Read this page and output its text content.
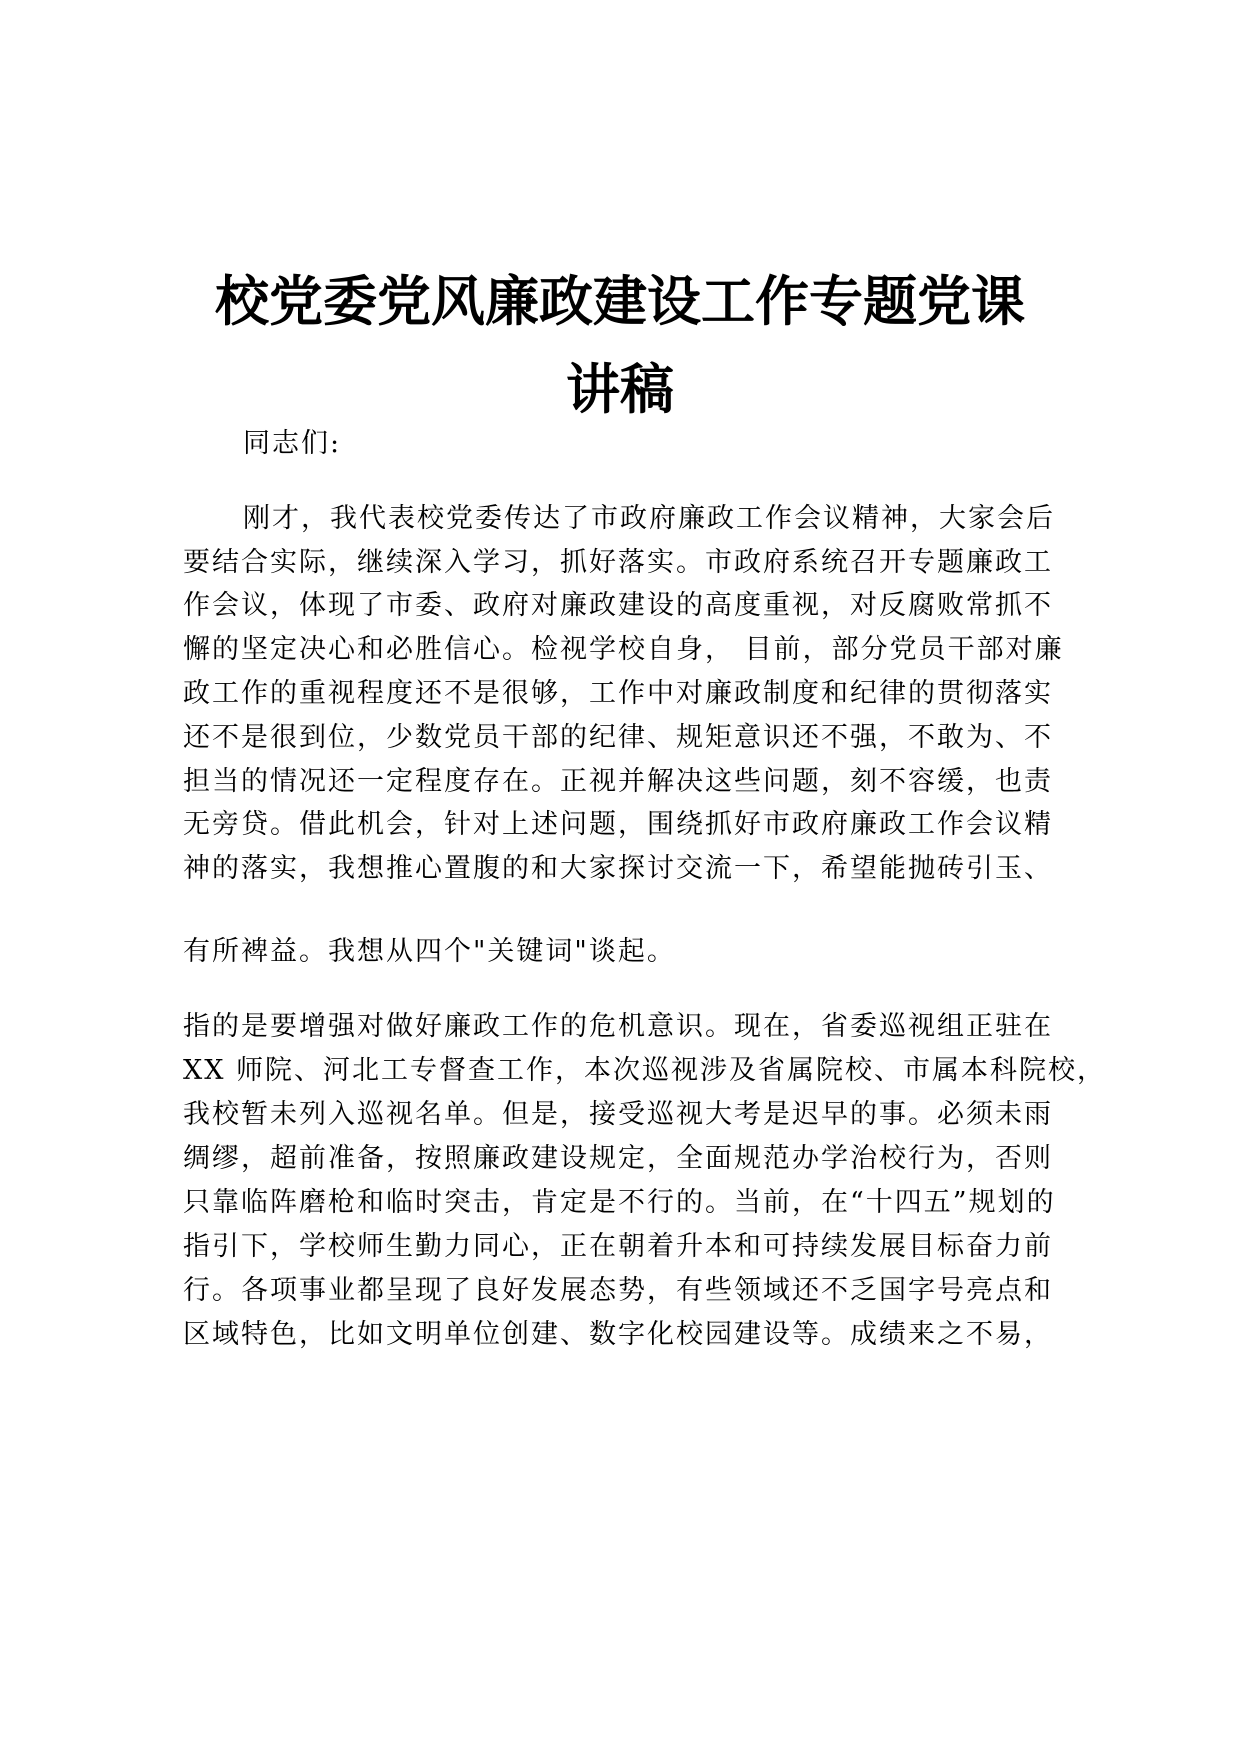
校党委党风廉政建设工作专题党课
讲稿

同志们:

刚才，我代表校党委传达了市政府廉政工作会议精神，大家会后

要结合实际，继续深入学习，抓好落实。市政府系统召开专题廉政工

作会议，体现了市委、政府对廉政建设的高度重视，对反腐败常抓不

懈的坚定决心和必胜信心。检视学校自身， 目前，部分党员干部对廉

政工作的重视程度还不是很够，工作中对廉政制度和纪律的贯彻落实

还不是很到位，少数党员干部的纪律、规矩意识还不强，不敢为、不

担当的情况还一定程度存在。正视并解决这些问题，刻不容缓，也责

无旁贷。借此机会，针对上述问题，围绕抓好市政府廉政工作会议精

神的落实，我想推心置腹的和大家探讨交流一下，希望能抛砖引玉、

有所裨益。我想从四个"关键词"谈起。

指的是要增强对做好廉政工作的危机意识。现在，省委巡视组正驻在

XX 师院、河北工专督查工作，本次巡视涉及省属院校、市属本科院校，

我校暂未列入巡视名单。但是，接受巡视大考是迟早的事。必须未雨

绸缪，超前准备，按照廉政建设规定，全面规范办学治校行为，否则

只靠临阵磨枪和临时突击，肯定是不行的。当前，在“十四五”规划的

指引下，学校师生勤力同心，正在朝着升本和可持续发展目标奋力前

行。各项事业都呈现了良好发展态势，有些领域还不乏国字号亮点和

区域特色，比如文明单位创建、数字化校园建设等。成绩来之不易，
